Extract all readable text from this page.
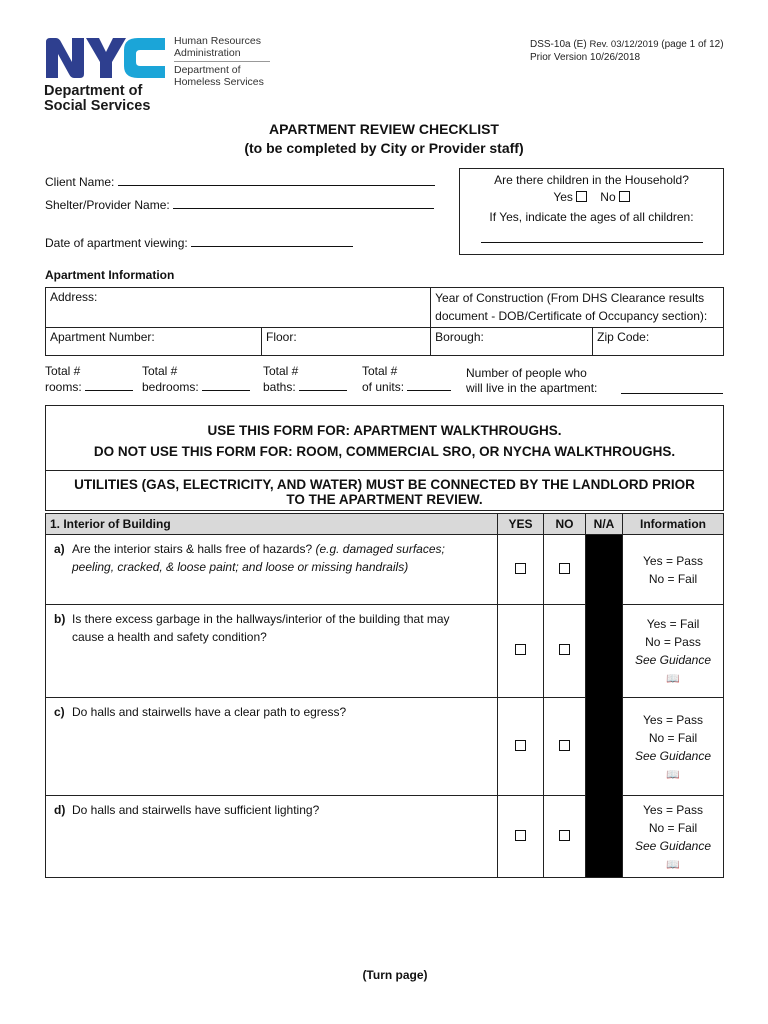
Department of
Social Services
Human Resources
Administration
Department of
Homeless Services
DSS-10a (E) Rev. 03/12/2019 (page 1 of 12)
Prior Version 10/26/2018
APARTMENT REVIEW CHECKLIST
(to be completed by City or Provider staff)
Client Name:
Shelter/Provider Name:
Date of apartment viewing:
Are there children in the Household?
Yes No
If Yes, indicate the ages of all children:
Apartment Information
Address:		Year of Construction (From DHS Clearance results
document - DOB/Certificate of Occupancy section):	

Apartment Number:	Floor:	Borough:	Zip Code:
Total #
rooms:
Total #
bedrooms:
Total #
baths:
Total #
of units:
Number of people who
will live in the apartment:
USE THIS FORM FOR: APARTMENT WALKTHROUGHS.
DO NOT USE THIS FORM FOR: ROOM, COMMERCIAL SRO, OR NYCHA WALKTHROUGHS.
UTILITIES (GAS, ELECTRICITY, AND WATER) MUST BE CONNECTED BY THE LANDLORD PRIOR
TO THE APARTMENT REVIEW.
1. Interior of Building	YES	NO	N/A	Information
a) Are the interior stairs & halls free of hazards? (e.g. damaged surfaces; peeling, cracked, & loose paint; and loose or missing handrails)				Yes = Pass
No = Fail

b) Is there excess garbage in the hallways/interior of the building that may cause a health and safety condition?				Yes = Fail
No = Pass
See Guidance
📖
c) Do halls and stairwells have a clear path to egress?				Yes = Pass
No = Fail
See Guidance
📖
d) Do halls and stairwells have sufficient lighting?				Yes = Pass
No = Fail
See Guidance
📖
(Turn page)
